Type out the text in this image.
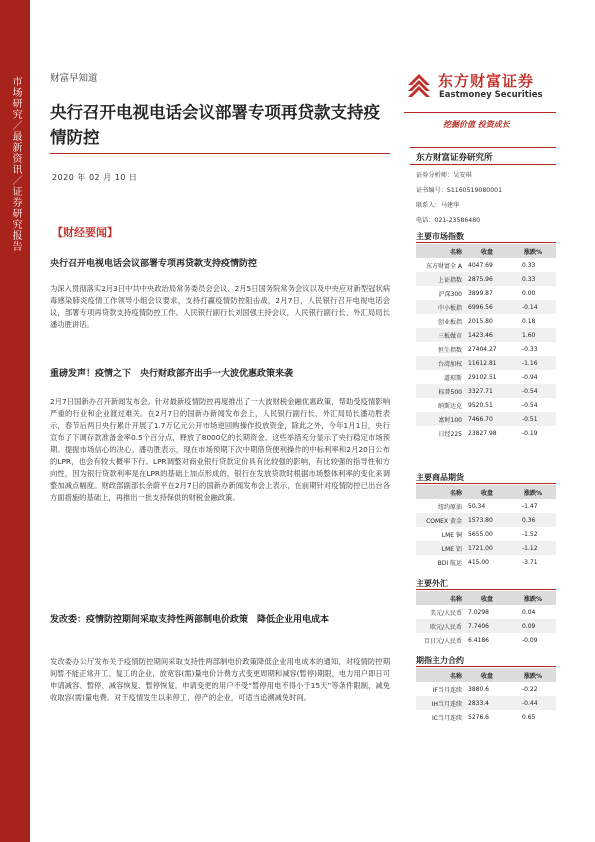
市场研究／最新资讯／证券研究报告	财富早知道
央行召开电视电话会议部署专项再贷款支持疫情防控
2020 年 02 月 10 日
东方财富证券
Eastmoney Securities
挖掘价值 投资成长
东方财富证券研究所
证券分析师：吴安琪
证书编号：S1160519080001
联系人：马建华
电话：021-23586480
【财经要闻】
央行召开电视电话会议部署专项再贷款支持疫情防控
为深入贯彻落实2月3日中共中央政治局常务委员会会议、2月5日国务院常务会议以及中央应对新型冠状病毒感染肺炎疫情工作领导小组会议要求，支持打赢疫情防控阻击战，2月7日，人民银行召开电视电话会议，部署专项再贷款支持疫情防控工作。人民银行副行长刘国强主持会议，人民银行副行长、外汇局局长潘功胜讲话。
重磅发声！疫情之下　央行财政部齐出手一大波优惠政策来袭
2月7日国新办召开新闻发布会。针对最新疫情防控再度推出了一大波财税金融优惠政策，帮助受疫情影响严重的行业和企业渡过难关。在2月7日的国新办新闻发布会上，人民银行副行长、外汇局局长潘功胜表示，春节后两日央行累计开展了1.7万亿元公开市场逆回购操作投放资金，除此之外，今年1月1日，央行宣布了下调存款准备金率0.5个百分点，释放了8000亿的长期资金。这些举措充分显示了央行稳定市场预期、提振市场信心的决心。潘功胜表示，现在市场预期下次中期借贷便利操作的中标利率和2月20日公布的LPR，也会有较大概率下行。LPR调整对商业银行贷款定价具有比较强的影响，有比较强的指导性和方向性，因为银行贷款利率是在LPR的基础上加点形成的，银行在发放贷款时根据市场整体利率的变化来调整加减点幅度。财政部副部长余蔚平在2月7日的国新办新闻发布会上表示，在前期针对疫情防控已出台各方面措施的基础上，再推出一批支持保供的财税金融政策。
发改委：疫情防控期间采取支持性两部制电价政策　降低企业用电成本
发改委办公厅发布关于疫情防控期间采取支持性两部制电价政策降低企业用电成本的通知，对疫情防控期间暂不能正常开工、复工的企业，放宽容(需)量电价计费方式变更周期和减容(暂停)期限，电力用户即日可申请减容、暂停、减容恢复、暂停恢复。申请变更的用户不受“暂停用电不得小于15天”等条件限制，减免收取容(需)量电费。对于疫情发生以来停工、停产的企业，可适当追溯减免时间。
主要市场指数
名称	收盘	涨跌%
东方财富全 A	4047.69	0.33
上证指数	2875.96	0.33
沪深300	3899.87	0.00
中小板指	6996.56	-0.14
创业板指	2015.80	0.18
三板做市	1423.46	1.60
恒生指数	27404.27	-0.33
台湾加权	11612.81	-1.16
道琼斯	29102.51	-0.94
标普500	3327.71	-0.54
纳斯达克	9520.51	-0.54
富时100	7466.70	-0.51
日经225	23827.98	-0.19
主要商品期货
名称	收盘	涨跌%
纽约原油	50.34	-1.47
COMEX 黄金	1573.80	0.36
LME 铜	5655.00	-1.52
LME 铝	1721.00	-1.12
BDI 航运	415.00	-3.71
主要外汇
名称	收盘	涨跌%
美元/人民币	7.0298	0.04
欧元/人民币	7.7406	0.09
百日元/人民币	6.4186	-0.09
期指主力合约
名称	收盘	涨跌%
IF当月连续	3880.6	-0.22
IH当月连续	2833.4	-0.44
IC当月连续	5276.6	0.65
